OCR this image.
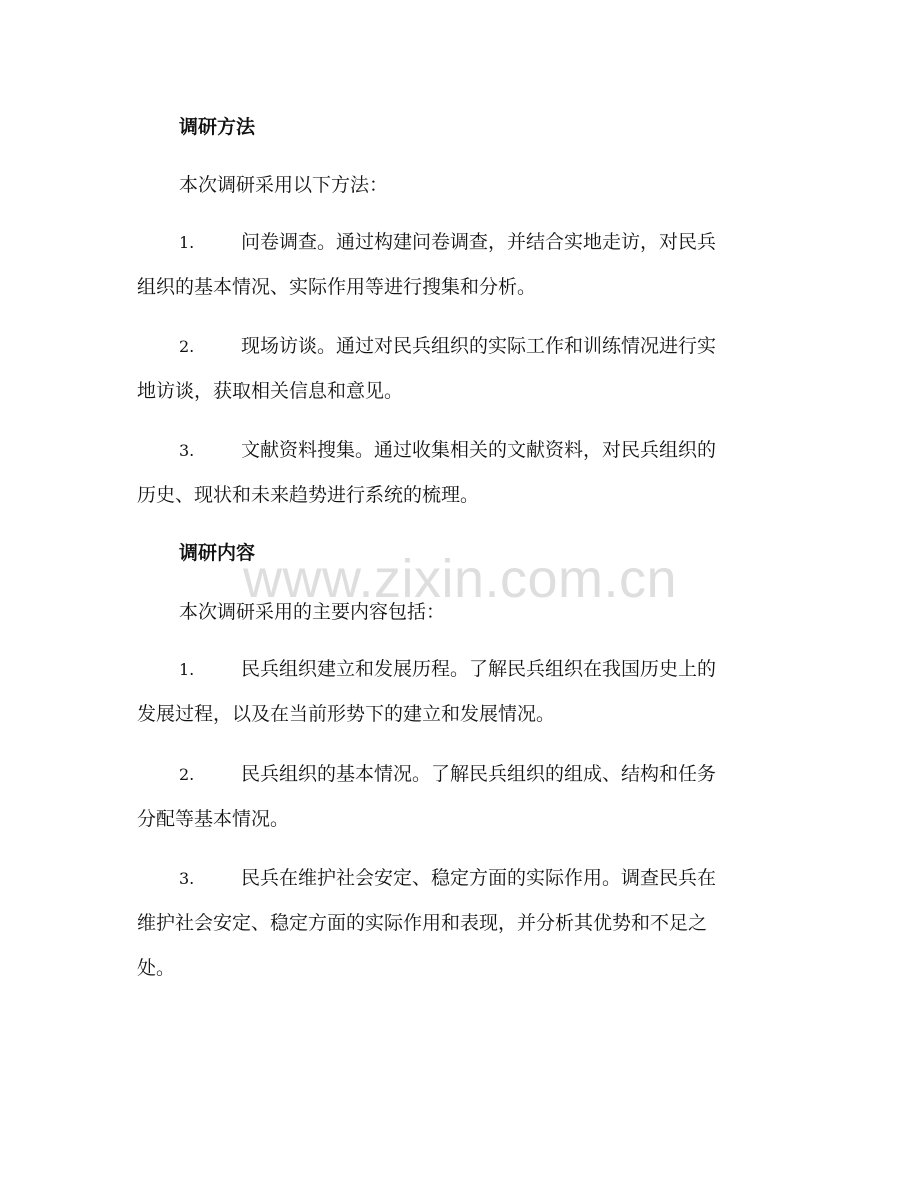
www.zixin.com.cn
调研方法
本次调研采用以下方法：
1. 问卷调查。通过构建问卷调查，并结合实地走访，对民兵
组织的基本情况、实际作用等进行搜集和分析。
2. 现场访谈。通过对民兵组织的实际工作和训练情况进行实
地访谈，获取相关信息和意见。
3. 文献资料搜集。通过收集相关的文献资料，对民兵组织的
历史、现状和未来趋势进行系统的梳理。
调研内容
本次调研采用的主要内容包括：
1. 民兵组织建立和发展历程。了解民兵组织在我国历史上的
发展过程，以及在当前形势下的建立和发展情况。
2. 民兵组织的基本情况。了解民兵组织的组成、结构和任务
分配等基本情况。
3. 民兵在维护社会安定、稳定方面的实际作用。调查民兵在
维护社会安定、稳定方面的实际作用和表现，并分析其优势和不足之
处。
